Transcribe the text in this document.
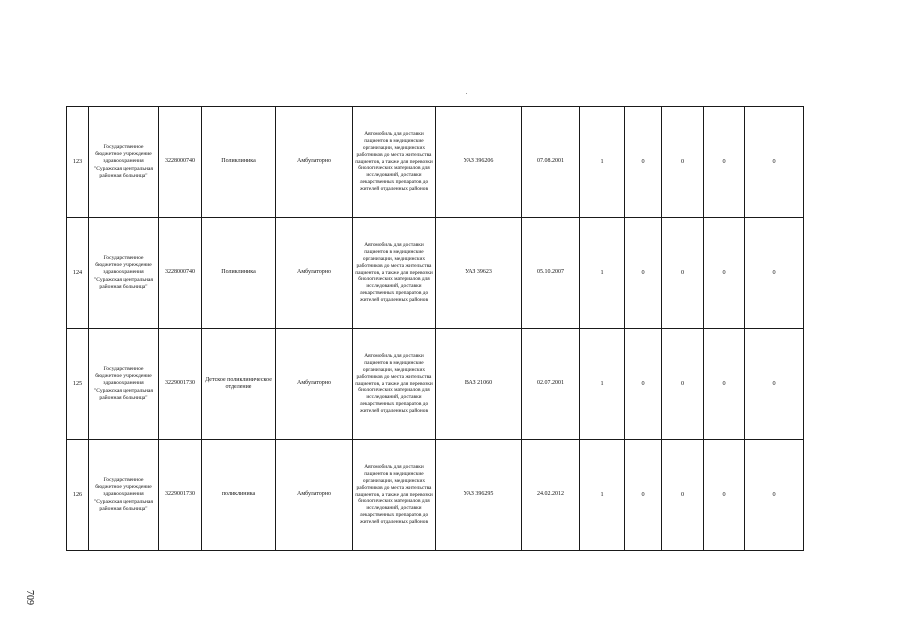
123	Государственное бюджетное учреждение здравоохранения "Суражская центральная районная больница"	3228000740	Поликлиника	Амбулаторно	Автомобиль для доставки пациентов в медицинские организации, медицинских работников до места жительства пациентов, а также для перевозки биологических материалов для исследований, доставки лекарственных препаратов до жителей отдаленных районов	УАЗ 396206	07.08.2001	1	0	0	0	0
124	Государственное бюджетное учреждение здравоохранения "Суражская центральная районная больница"	3228000740	Поликлиника	Амбулаторно	Автомобиль для доставки пациентов в медицинские организации, медицинских работников до места жительства пациентов, а также для перевозки биологических материалов для исследований, доставки лекарственных препаратов до жителей отдаленных районов	УАЗ 39623	05.10.2007	1	0	0	0	0
125	Государственное бюджетное учреждение здравоохранения "Суражская центральная районная больница"	3229001730	Детское поликлиническое отделение	Амбулаторно	Автомобиль для доставки пациентов в медицинские организации, медицинских работников до места жительства пациентов, а также для перевозки биологических материалов для исследований, доставки лекарственных препаратов до жителей отдаленных районов	ВАЗ 21060	02.07.2001	1	0	0	0	0
126	Государственное бюджетное учреждение здравоохранения "Суражская центральная районная больница"	3229001730	поликлиника	Амбулаторно	Автомобиль для доставки пациентов в медицинские организации, медицинских работников до места жительства пациентов, а также для перевозки биологических материалов для исследований, доставки лекарственных препаратов до жителей отдаленных районов	УАЗ 396295	24.02.2012	1	0	0	0	0
709
